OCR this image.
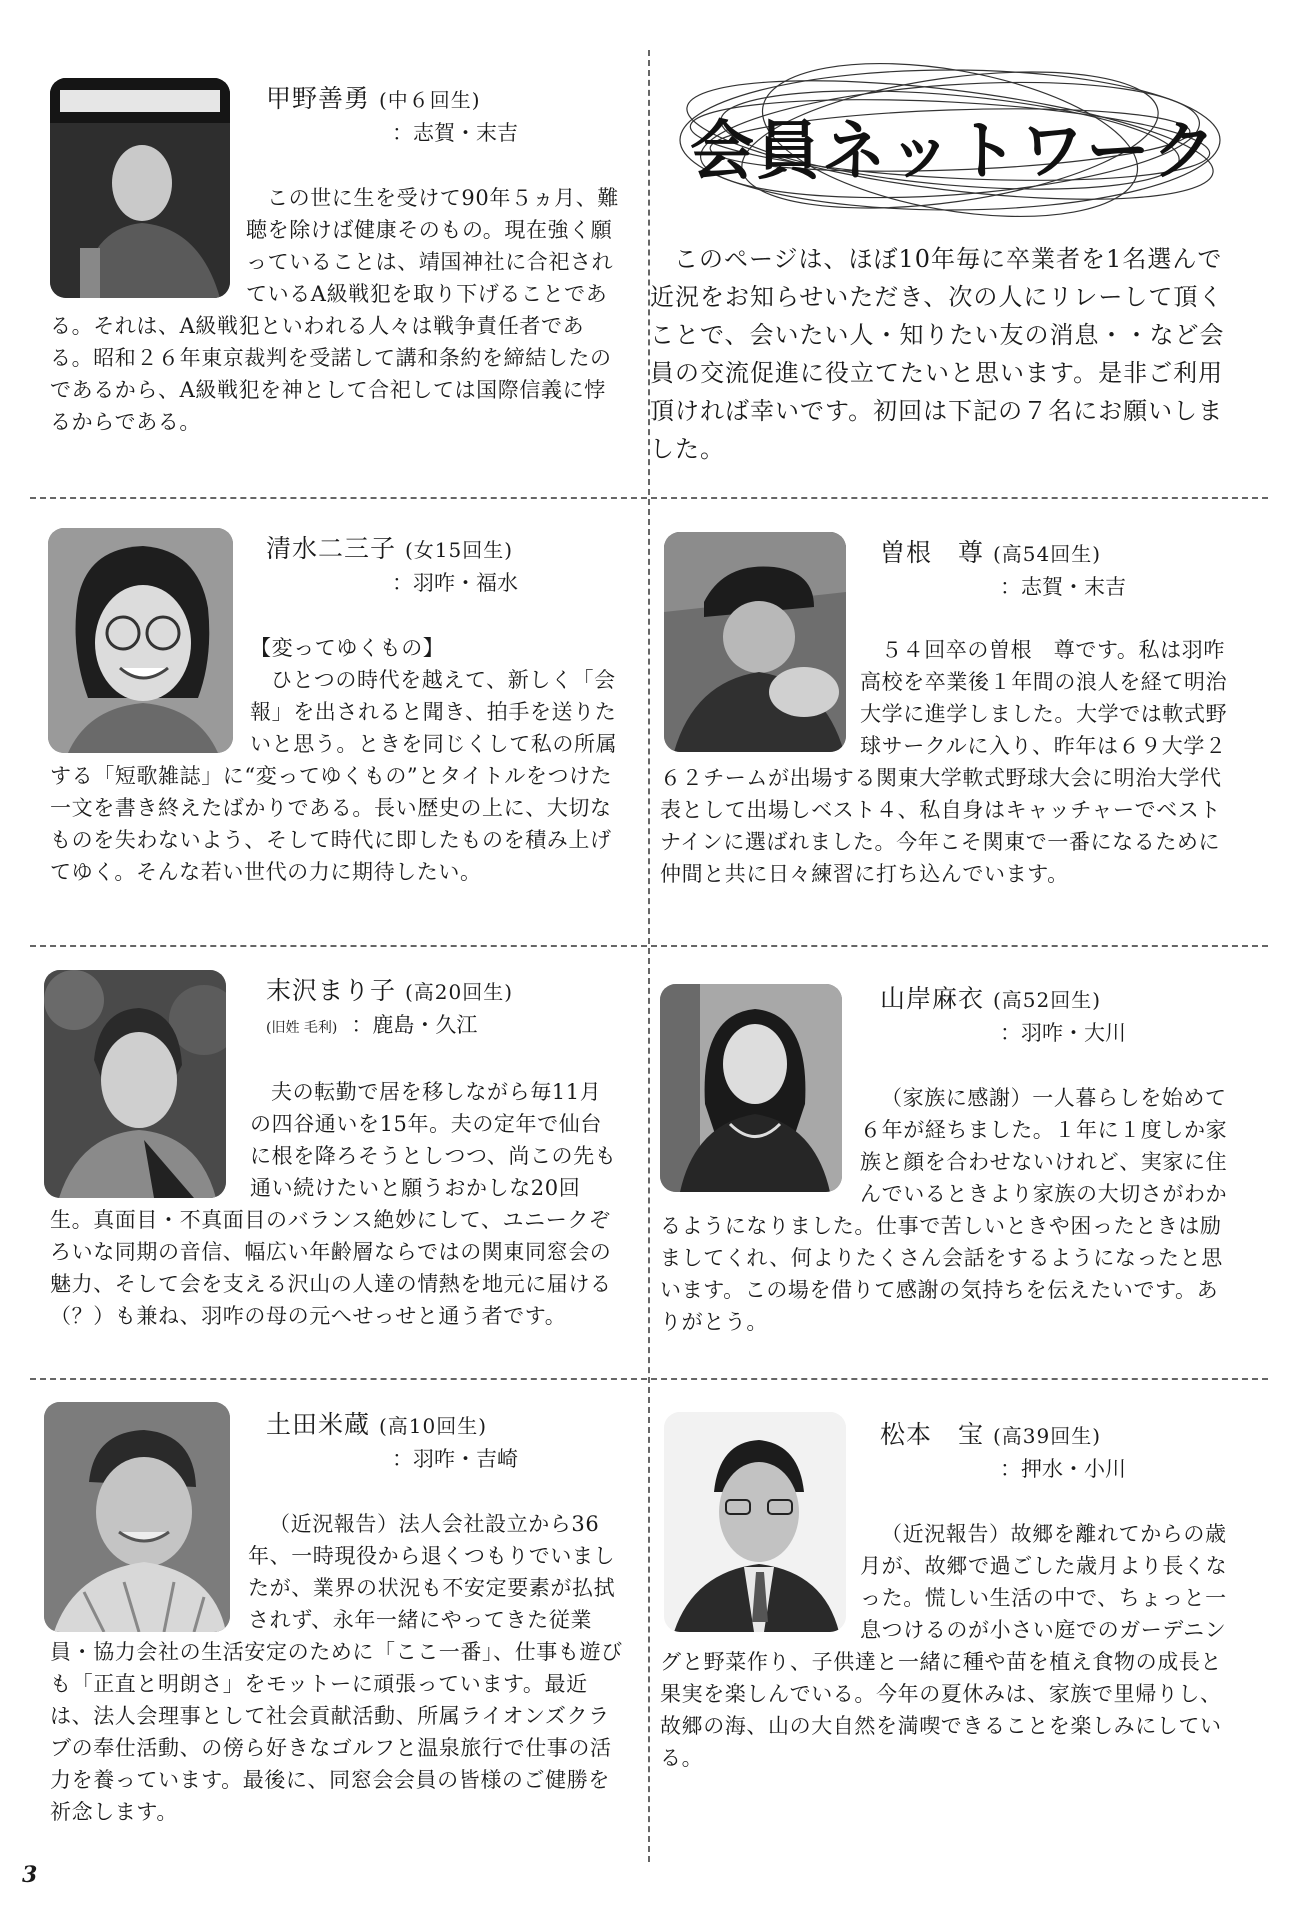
会員ネットワーク
このページは、ほぼ10年毎に卒業者を1名選んで近況をお知らせいただき、次の人にリレーして頂くことで、会いたい人・知りたい友の消息・・など会員の交流促進に役立てたいと思います。是非ご利用頂ければ幸いです。初回は下記の７名にお願いしました。
甲野善勇 (中６回生)
：志賀・末吉
この世に生を受けて90年５ヵ月、難聴を除けば健康そのもの。現在強く願っていることは、靖国神社に合祀されているA級戦犯を取り下げることである。それは、A級戦犯といわれる人々は戦争責任者である。昭和２６年東京裁判を受諾して講和条約を締結したのであるから、A級戦犯を神として合祀しては国際信義に悖るからである。
清水二三子 (女15回生)
：羽咋・福水
【変ってゆくもの】
ひとつの時代を越えて、新しく「会報」を出されると聞き、拍手を送りたいと思う。ときを同じくして私の所属する「短歌雑誌」に“変ってゆくもの”とタイトルをつけた一文を書き終えたばかりである。長い歴史の上に、大切なものを失わないよう、そして時代に即したものを積み上げてゆく。そんな若い世代の力に期待したい。
曽根　尊 (高54回生)
：志賀・末吉
５４回卒の曽根　尊です。私は羽咋高校を卒業後１年間の浪人を経て明治大学に進学しました。大学では軟式野球サークルに入り、昨年は６９大学２６２チームが出場する関東大学軟式野球大会に明治大学代表として出場しベスト４、私自身はキャッチャーでベストナインに選ばれました。今年こそ関東で一番になるために仲間と共に日々練習に打ち込んでいます。
末沢まり子 (高20回生)
(旧姓 毛利) ：鹿島・久江
夫の転勤で居を移しながら毎11月の四谷通いを15年。夫の定年で仙台に根を降ろそうとしつつ、尚この先も通い続けたいと願うおかしな20回生。真面目・不真面目のバランス絶妙にして、ユニークぞろいな同期の音信、幅広い年齢層ならではの関東同窓会の魅力、そして会を支える沢山の人達の情熱を地元に届ける（？）も兼ね、羽咋の母の元へせっせと通う者です。
山岸麻衣 (高52回生)
：羽咋・大川
（家族に感謝）一人暮らしを始めて６年が経ちました。１年に１度しか家族と顔を合わせないけれど、実家に住んでいるときより家族の大切さがわかるようになりました。仕事で苦しいときや困ったときは励ましてくれ、何よりたくさん会話をするようになったと思います。この場を借りて感謝の気持ちを伝えたいです。ありがとう。
土田米蔵 (高10回生)
：羽咋・吉崎
（近況報告）法人会社設立から36年、一時現役から退くつもりでいましたが、業界の状況も不安定要素が払拭されず、永年一緒にやってきた従業員・協力会社の生活安定のために「ここ一番」、仕事も遊びも「正直と明朗さ」をモットーに頑張っています。最近は、法人会理事として社会貢献活動、所属ライオンズクラブの奉仕活動、の傍ら好きなゴルフと温泉旅行で仕事の活力を養っています。最後に、同窓会会員の皆様のご健勝を祈念します。
松本　宝 (高39回生)
：押水・小川
（近況報告）故郷を離れてからの歳月が、故郷で過ごした歳月より長くなった。慌しい生活の中で、ちょっと一息つけるのが小さい庭でのガーデニングと野菜作り、子供達と一緒に種や苗を植え食物の成長と果実を楽しんでいる。今年の夏休みは、家族で里帰りし、故郷の海、山の大自然を満喫できることを楽しみにしている。
3
